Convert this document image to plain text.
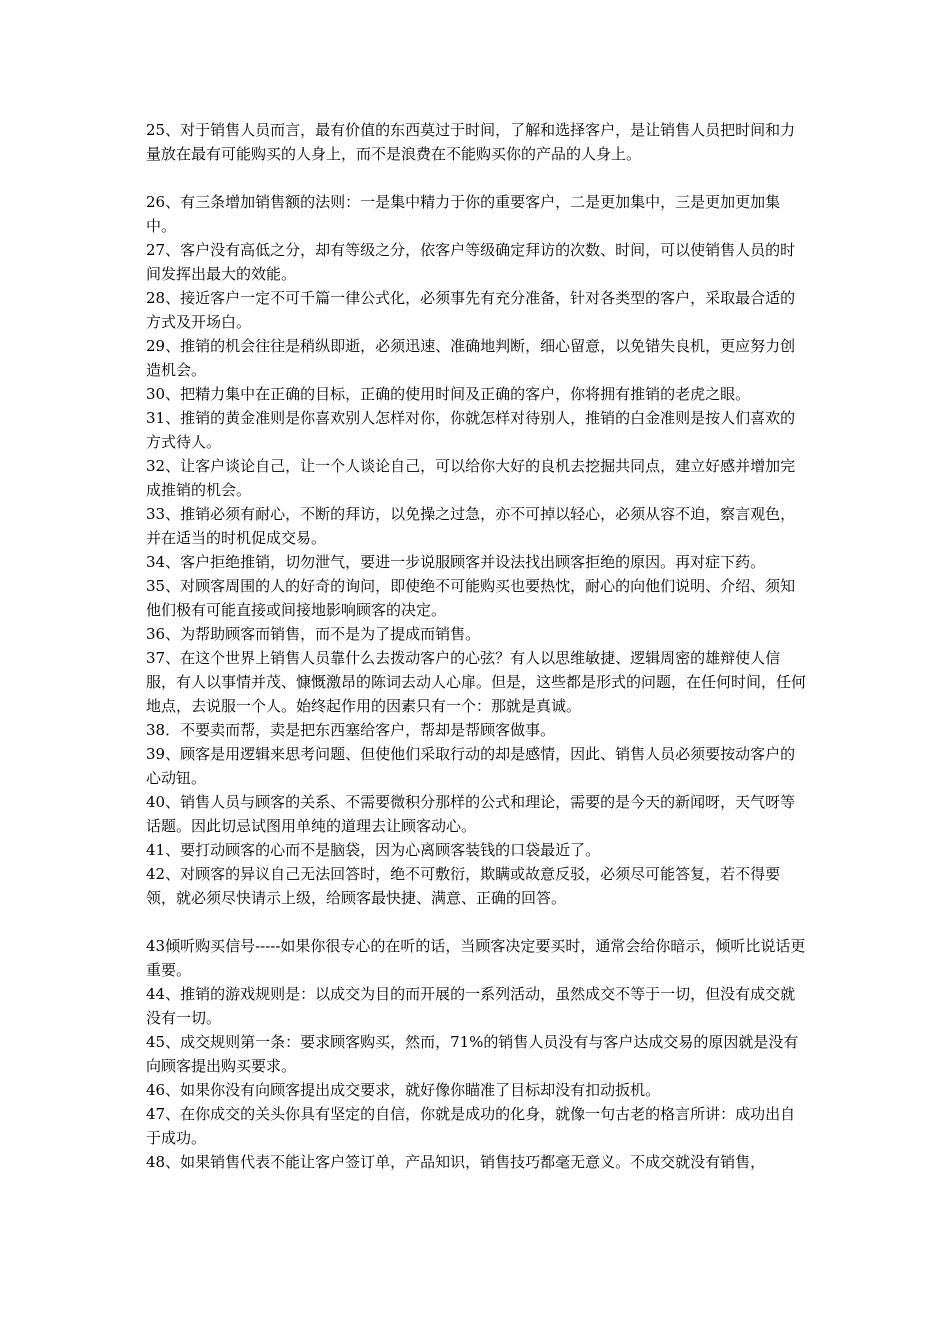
25、对于销售人员而言，最有价值的东西莫过于时间，了解和选择客户，是让销售人员把时间和力量放在最有可能购买的人身上，而不是浪费在不能购买你的产品的人身上。

26、有三条增加销售额的法则：一是集中精力于你的重要客户，二是更加集中，三是更加更加集中。

27、客户没有高低之分，却有等级之分，依客户等级确定拜访的次数、时间，可以使销售人员的时间发挥出最大的效能。

28、接近客户一定不可千篇一律公式化，必须事先有充分准备，针对各类型的客户，采取最合适的方式及开场白。

29、推销的机会往往是稍纵即逝，必须迅速、准确地判断，细心留意，以免错失良机，更应努力创造机会。

30、把精力集中在正确的目标，正确的使用时间及正确的客户，你将拥有推销的老虎之眼。

31、推销的黄金准则是你喜欢别人怎样对你，你就怎样对待别人，推销的白金准则是按人们喜欢的方式待人。

32、让客户谈论自己，让一个人谈论自己，可以给你大好的良机去挖掘共同点，建立好感并增加完成推销的机会。

33、推销必须有耐心，不断的拜访，以免操之过急，亦不可掉以轻心，必须从容不迫，察言观色，并在适当的时机促成交易。

34、客户拒绝推销，切勿泄气，要进一步说服顾客并设法找出顾客拒绝的原因。再对症下药。

35、对顾客周围的人的好奇的询问，即使绝不可能购买也要热忱，耐心的向他们说明、介绍、须知他们极有可能直接或间接地影响顾客的决定。

36、为帮助顾客而销售，而不是为了提成而销售。

37、在这个世界上销售人员靠什么去拨动客户的心弦？有人以思维敏捷、逻辑周密的雄辩使人信服，有人以事情并茂、慷慨激昂的陈词去动人心扉。但是，这些都是形式的问题，在任何时间，任何地点，去说服一个人。始终起作用的因素只有一个：那就是真诚。

38．不要卖而帮，卖是把东西塞给客户，帮却是帮顾客做事。

39、顾客是用逻辑来思考问题、但使他们采取行动的却是感情，因此、销售人员必须要按动客户的心动钮。

40、销售人员与顾客的关系、不需要微积分那样的公式和理论，需要的是今天的新闻呀，天气呀等话题。因此切忌试图用单纯的道理去让顾客动心。

41、要打动顾客的心而不是脑袋，因为心离顾客装钱的口袋最近了。

42、对顾客的异议自己无法回答时，绝不可敷衍，欺瞒或故意反驳，必须尽可能答复，若不得要领，就必须尽快请示上级，给顾客最快捷、满意、正确的回答。

43倾听购买信号-----如果你很专心的在听的话，当顾客决定要买时，通常会给你暗示，倾听比说话更重要。

44、推销的游戏规则是：以成交为目的而开展的一系列活动，虽然成交不等于一切，但没有成交就没有一切。

45、成交规则第一条：要求顾客购买，然而，71%的销售人员没有与客户达成交易的原因就是没有向顾客提出购买要求。

46、如果你没有向顾客提出成交要求，就好像你瞄准了目标却没有扣动扳机。

47、在你成交的关头你具有坚定的自信，你就是成功的化身，就像一句古老的格言所讲：成功出自于成功。

48、如果销售代表不能让客户签订单，产品知识，销售技巧都毫无意义。不成交就没有销售，
